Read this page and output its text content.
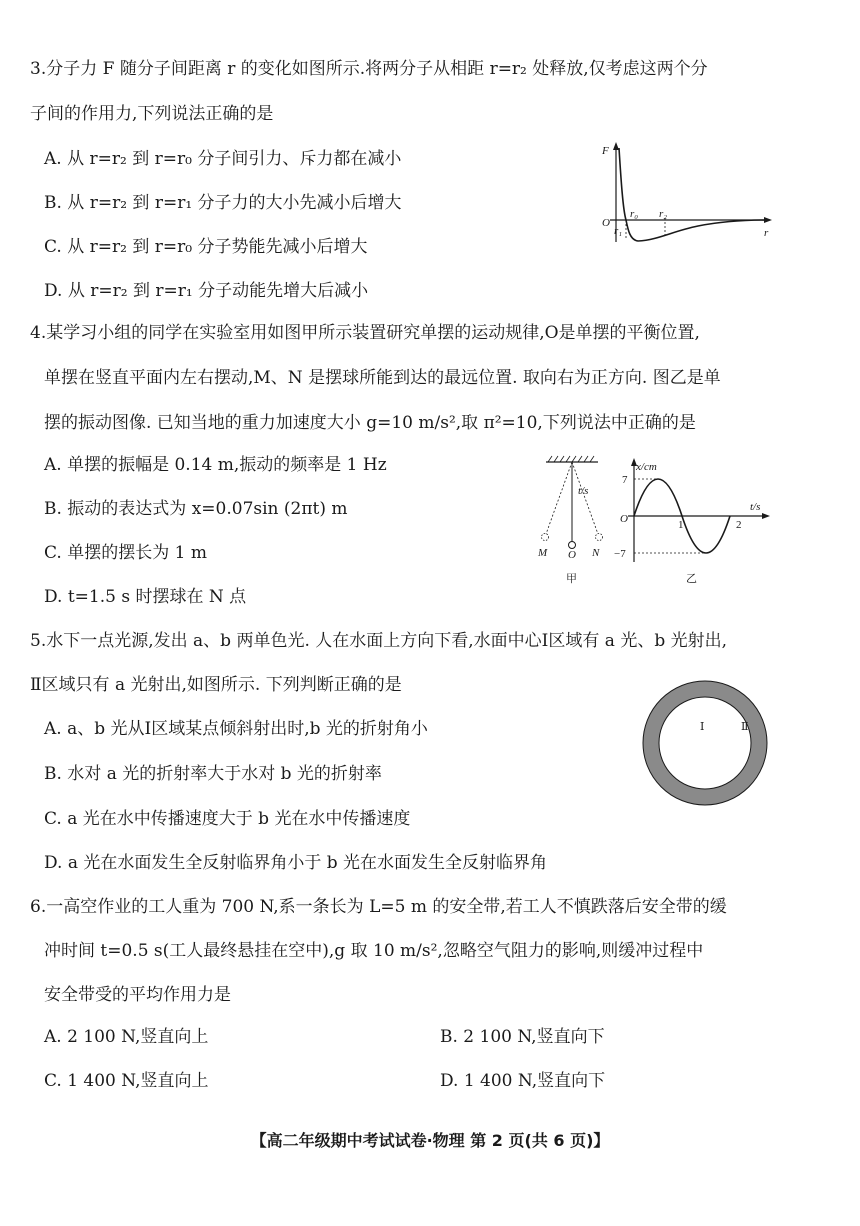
3.分子力 F 随分子间距离 r 的变化如图所示.将两分子从相距 r=r₂ 处释放,仅考虑这两个分
子间的作用力,下列说法正确的是
A. 从 r=r₂ 到 r=r₀ 分子间引力、斥力都在减小
B. 从 r=r₂ 到 r=r₁ 分子力的大小先减小后增大
C. 从 r=r₂ 到 r=r₀ 分子势能先减小后增大
D. 从 r=r₂ 到 r=r₁ 分子动能先增大后减小
F
O
r₀
r₁
r₂
r
4.某学习小组的同学在实验室用如图甲所示装置研究单摆的运动规律,O是单摆的平衡位置,
单摆在竖直平面内左右摆动,M、N 是摆球所能到达的最远位置. 取向右为正方向. 图乙是单
摆的振动图像. 已知当地的重力加速度大小 g=10 m/s²,取 π²=10,下列说法中正确的是
A. 单摆的振幅是 0.14 m,振动的频率是 1 Hz
B. 振动的表达式为 x=0.07sin (2πt) m
C. 单摆的摆长为 1 m
D. t=1.5 s 时摆球在 N 点
t/s
M O N
甲
x/cm
t/s
7
−7
1	2
O
乙
5.水下一点光源,发出 a、b 两单色光. 人在水面上方向下看,水面中心Ⅰ区域有 a 光、b 光射出,
Ⅱ区域只有 a 光射出,如图所示. 下列判断正确的是
A. a、b 光从Ⅰ区域某点倾斜射出时,b 光的折射角小
B. 水对 a 光的折射率大于水对 b 光的折射率
C. a 光在水中传播速度大于 b 光在水中传播速度
D. a 光在水面发生全反射临界角小于 b 光在水面发生全反射临界角
Ⅰ	Ⅱ
6.一高空作业的工人重为 700 N,系一条长为 L=5 m 的安全带,若工人不慎跌落后安全带的缓
冲时间 t=0.5 s(工人最终悬挂在空中),g 取 10 m/s²,忽略空气阻力的影响,则缓冲过程中
安全带受的平均作用力是
A. 2 100 N,竖直向上	B. 2 100 N,竖直向下
C. 1 400 N,竖直向上	D. 1 400 N,竖直向下
【高二年级期中考试试卷·物理 第 2 页(共 6 页)】
